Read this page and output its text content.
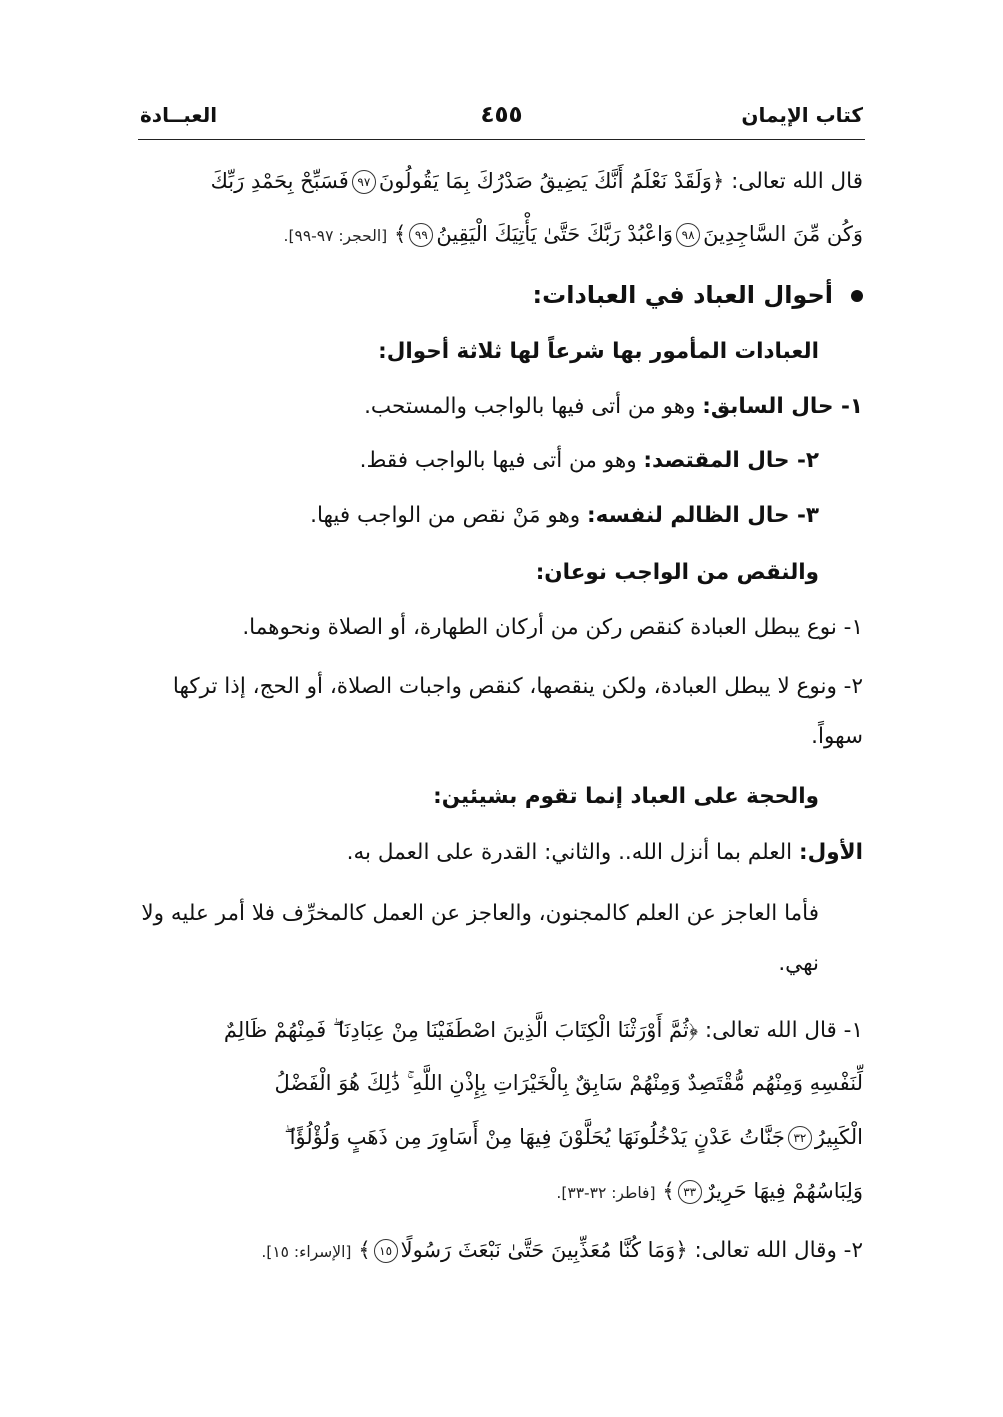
كتاب الإيمان
٤٥٥
العبــادة
قال الله تعالى: ﴿وَلَقَدْ نَعْلَمُ أَنَّكَ يَضِيقُ صَدْرُكَ بِمَا يَقُولُونَ٩٧فَسَبِّحْ بِحَمْدِ رَبِّكَ
وَكُن مِّنَ السَّاجِدِينَ٩٨وَاعْبُدْ رَبَّكَ حَتَّىٰ يَأْتِيَكَ الْيَقِينُ٩٩﴾ [الحجر: ٩٧-٩٩].
أحوال العباد في العبادات:
العبادات المأمور بها شرعاً لها ثلاثة أحوال:
١- حال السابق: وهو من أتى فيها بالواجب والمستحب.
٢- حال المقتصد: وهو من أتى فيها بالواجب فقط.
٣- حال الظالم لنفسه: وهو مَنْ نقص من الواجب فيها.
والنقص من الواجب نوعان:
١- نوع يبطل العبادة كنقص ركن من أركان الطهارة، أو الصلاة ونحوهما.
٢- ونوع لا يبطل العبادة، ولكن ينقصها، كنقص واجبات الصلاة، أو الحج، إذا تركها سهواً.
والحجة على العباد إنما تقوم بشيئين:
الأول: العلم بما أنزل الله.. والثاني: القدرة على العمل به.
فأما العاجز عن العلم كالمجنون، والعاجز عن العمل كالمخرِّف فلا أمر عليه ولا نهي.
١- قال الله تعالى: ﴿ثُمَّ أَوْرَثْنَا الْكِتَابَ الَّذِينَ اصْطَفَيْنَا مِنْ عِبَادِنَا ۖ فَمِنْهُمْ ظَالِمٌ
لِّنَفْسِهِ وَمِنْهُم مُّقْتَصِدٌ وَمِنْهُمْ سَابِقٌ بِالْخَيْرَاتِ بِإِذْنِ اللَّهِ ۚ ذَٰلِكَ هُوَ الْفَضْلُ
الْكَبِيرُ٣٢جَنَّاتُ عَدْنٍ يَدْخُلُونَهَا يُحَلَّوْنَ فِيهَا مِنْ أَسَاوِرَ مِن ذَهَبٍ وَلُؤْلُؤًا ۖ
وَلِبَاسُهُمْ فِيهَا حَرِيرٌ٣٣﴾ [فاطر: ٣٢-٣٣].
٢- وقال الله تعالى: ﴿وَمَا كُنَّا مُعَذِّبِينَ حَتَّىٰ نَبْعَثَ رَسُولًا١٥﴾ [الإسراء: ١٥].
